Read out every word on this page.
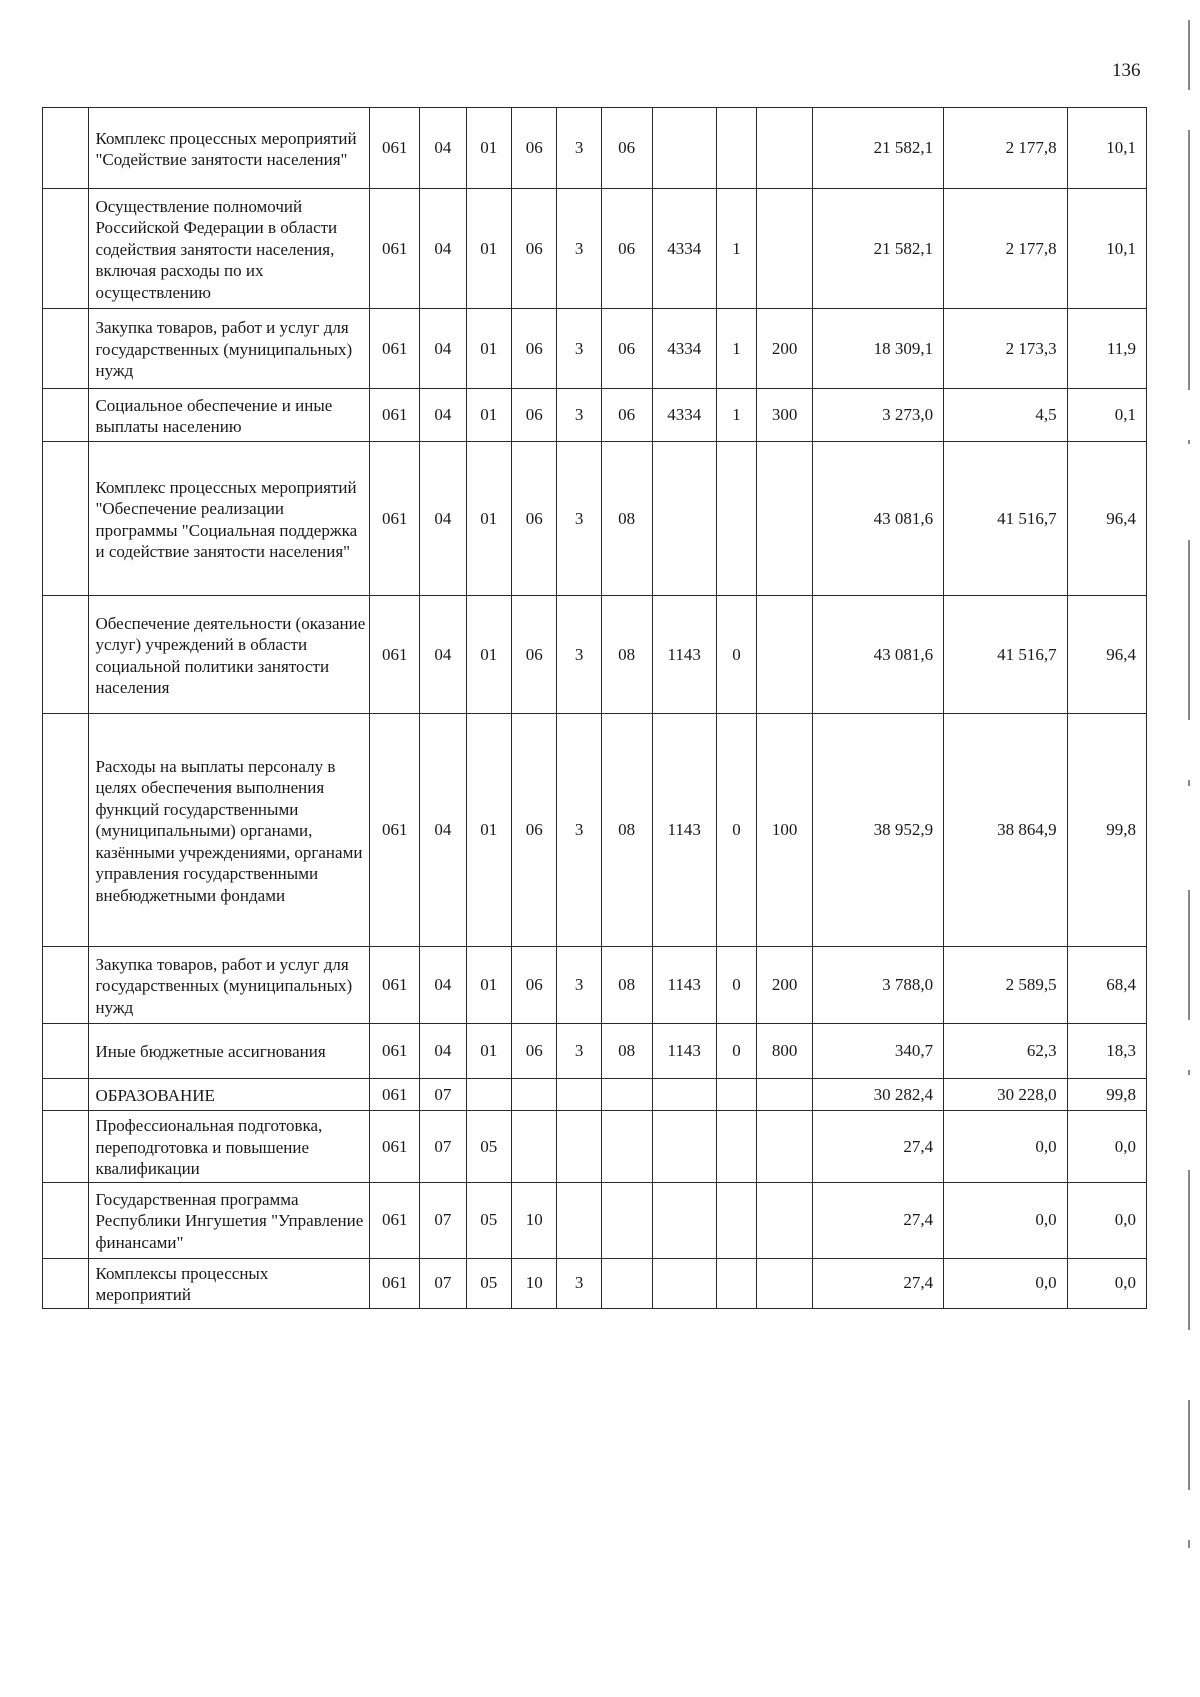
136
	Комплекс процессных мероприятий "Содействие занятости населения"	061	04	01	06	3	06				21 582,1	2 177,8	10,1
	Осуществление полномочий Российской Федерации в области содействия занятости населения, включая расходы по их осуществлению	061	04	01	06	3	06	4334	1		21 582,1	2 177,8	10,1
	Закупка товаров, работ и услуг для государственных (муниципальных) нужд	061	04	01	06	3	06	4334	1	200	18 309,1	2 173,3	11,9
	Социальное обеспечение и иные выплаты населению	061	04	01	06	3	06	4334	1	300	3 273,0	4,5	0,1
	Комплекс процессных мероприятий "Обеспечение реализации программы "Социальная поддержка и содействие занятости населения"	061	04	01	06	3	08				43 081,6	41 516,7	96,4
	Обеспечение деятельности (оказание услуг) учреждений в области социальной политики занятости населения	061	04	01	06	3	08	1143	0		43 081,6	41 516,7	96,4
	Расходы на выплаты персоналу в целях обеспечения выполнения функций государственными (муниципальными) органами, казёнными учреждениями, органами управления государственными внебюджетными фондами	061	04	01	06	3	08	1143	0	100	38 952,9	38 864,9	99,8
	Закупка товаров, работ и услуг для государственных (муниципальных) нужд	061	04	01	06	3	08	1143	0	200	3 788,0	2 589,5	68,4
	Иные бюджетные ассигнования	061	04	01	06	3	08	1143	0	800	340,7	62,3	18,3
	ОБРАЗОВАНИЕ	061	07								30 282,4	30 228,0	99,8
	Профессиональная подготовка, переподготовка и повышение квалификации	061	07	05							27,4	0,0	0,0
	Государственная программа Республики Ингушетия "Управление финансами"	061	07	05	10						27,4	0,0	0,0
	Комплексы процессных мероприятий	061	07	05	10	3					27,4	0,0	0,0
